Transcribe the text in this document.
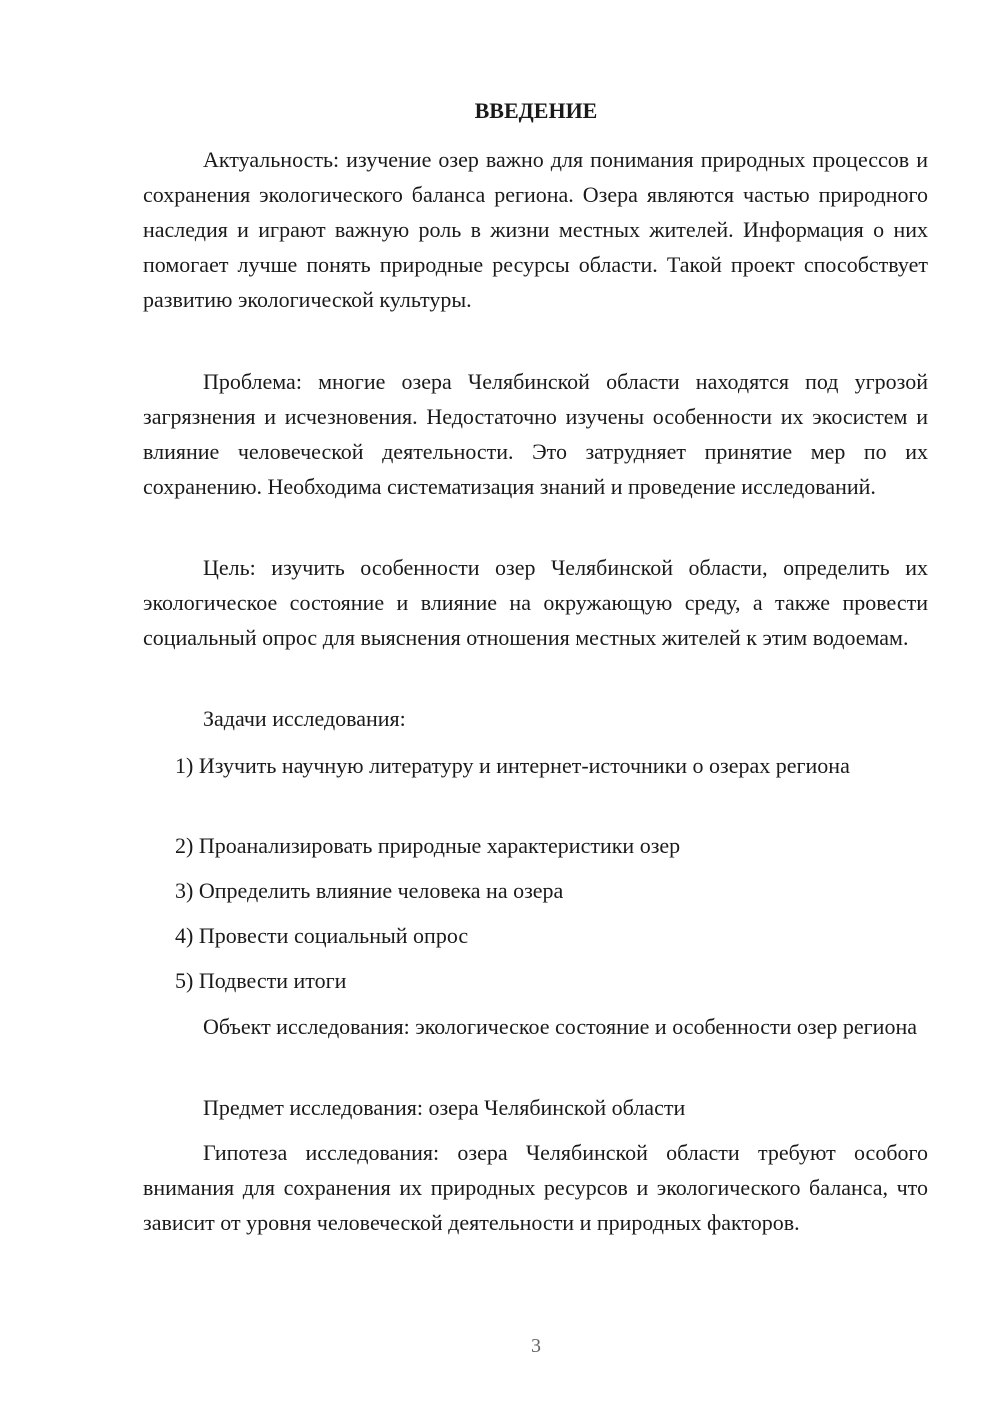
ВВЕДЕНИЕ

Актуальность: изучение озер важно для понимания природных процессов и сохранения экологического баланса региона. Озера являются частью природного наследия и играют важную роль в жизни местных жителей. Информация о них помогает лучше понять природные ресурсы области. Такой проект способствует развитию экологической культуры.

Проблема: многие озера Челябинской области находятся под угрозой загрязнения и исчезновения. Недостаточно изучены особенности их экосистем и влияние человеческой деятельности. Это затрудняет принятие мер по их сохранению. Необходима систематизация знаний и проведение исследований.

Цель: изучить особенности озер Челябинской области, определить их экологическое состояние и влияние на окружающую среду, а также провести социальный опрос для выяснения отношения местных жителей к этим водоемам.

Задачи исследования:

1) Изучить научную литературу и интернет-источники о озерах региона

2) Проанализировать природные характеристики озер

3) Определить влияние человека на озера

4) Провести социальный опрос

5) Подвести итоги

Объект исследования: экологическое состояние и особенности озер региона

Предмет исследования: озера Челябинской области

Гипотеза исследования: озера Челябинской области требуют особого внимания для сохранения их природных ресурсов и экологического баланса, что зависит от уровня человеческой деятельности и природных факторов.

3
